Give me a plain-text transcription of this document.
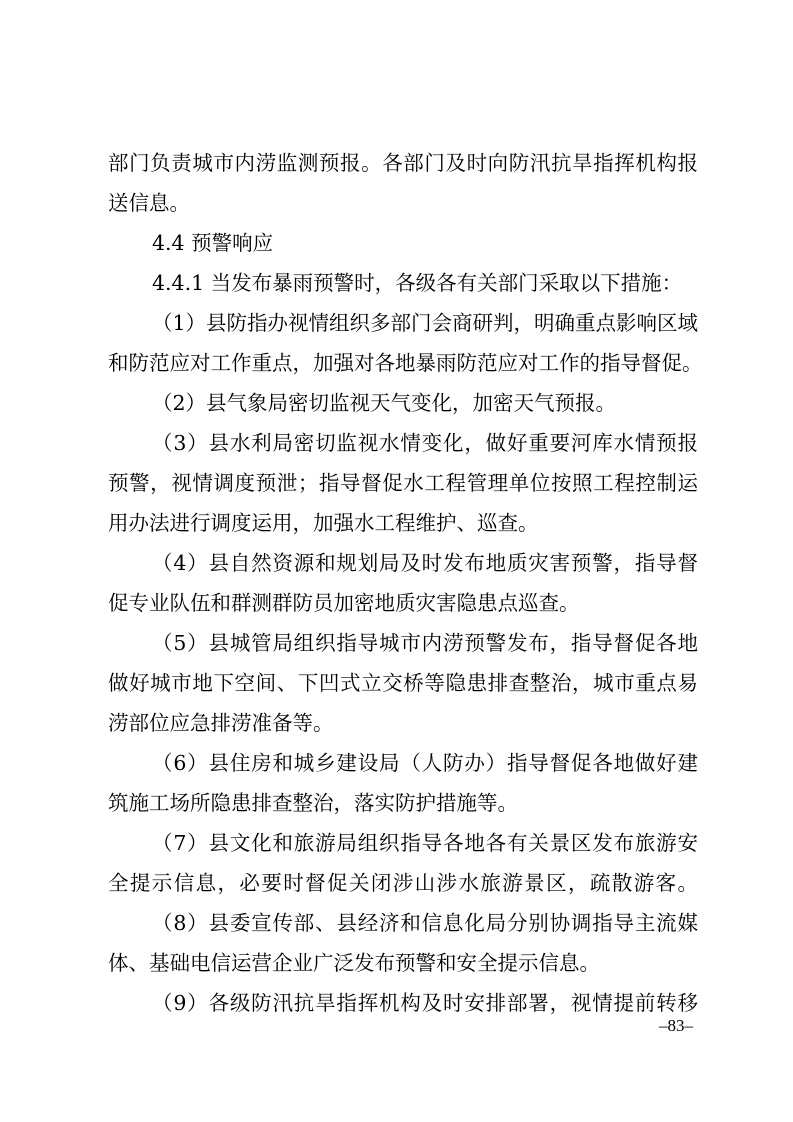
部门负责城市内涝监测预报。各部门及时向防汛抗旱指挥机构报
送信息。
4.4 预警响应
4.4.1 当发布暴雨预警时，各级各有关部门采取以下措施：
（1）县防指办视情组织多部门会商研判，明确重点影响区域
和防范应对工作重点，加强对各地暴雨防范应对工作的指导督促。
（2）县气象局密切监视天气变化，加密天气预报。
（3）县水利局密切监视水情变化，做好重要河库水情预报
预警，视情调度预泄；指导督促水工程管理单位按照工程控制运
用办法进行调度运用，加强水工程维护、巡查。
（4）县自然资源和规划局及时发布地质灾害预警，指导督
促专业队伍和群测群防员加密地质灾害隐患点巡查。
（5）县城管局组织指导城市内涝预警发布，指导督促各地
做好城市地下空间、下凹式立交桥等隐患排查整治，城市重点易
涝部位应急排涝准备等。
（6）县住房和城乡建设局（人防办）指导督促各地做好建
筑施工场所隐患排查整治，落实防护措施等。
（7）县文化和旅游局组织指导各地各有关景区发布旅游安
全提示信息，必要时督促关闭涉山涉水旅游景区，疏散游客。
（8）县委宣传部、县经济和信息化局分别协调指导主流媒
体、基础电信运营企业广泛发布预警和安全提示信息。
（9）各级防汛抗旱指挥机构及时安排部署，视情提前转移
–83–
